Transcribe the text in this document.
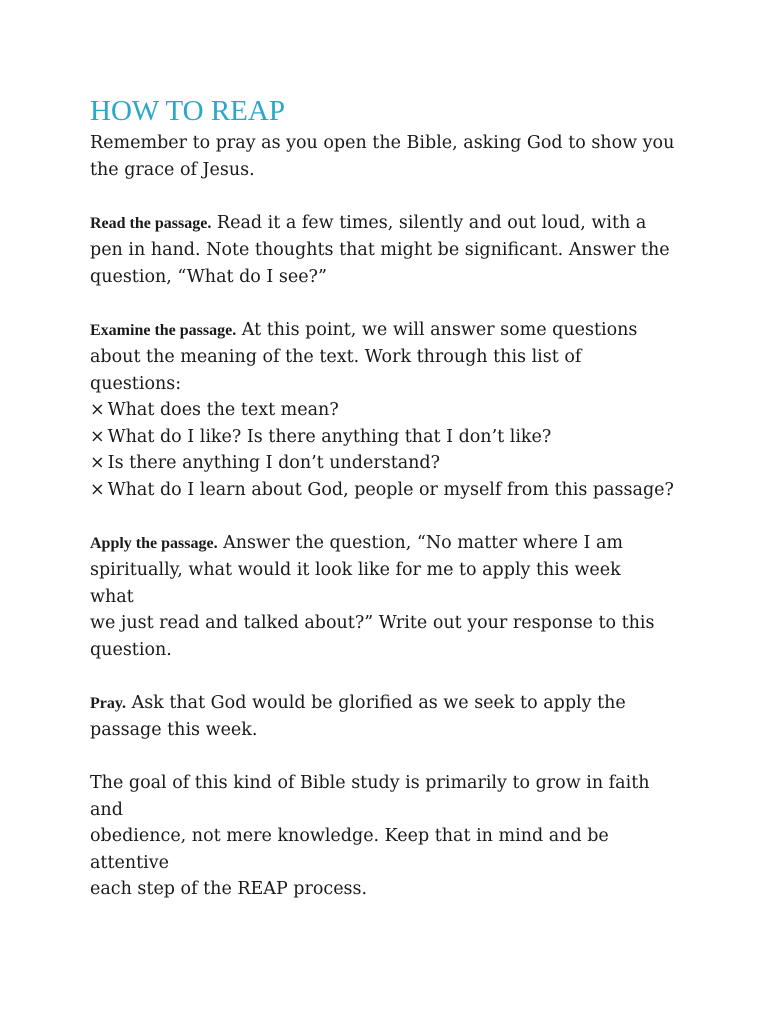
HOW TO REAP

Remember to pray as you open the Bible, asking God to show you
the grace of Jesus.

Read the passage. Read it a few times, silently and out loud, with a
pen in hand. Note thoughts that might be significant. Answer the
question, “What do I see?”

Examine the passage. At this point, we will answer some questions
about the meaning of the text. Work through this list of
questions:
× What does the text mean?
× What do I like? Is there anything that I don’t like?
× Is there anything I don’t understand?
× What do I learn about God, people or myself from this passage?

Apply the passage. Answer the question, “No matter where I am
spiritually, what would it look like for me to apply this week
what
we just read and talked about?” Write out your response to this
question.

Pray. Ask that God would be glorified as we seek to apply the
passage this week.

The goal of this kind of Bible study is primarily to grow in faith
and
obedience, not mere knowledge. Keep that in mind and be
attentive
each step of the REAP process.
